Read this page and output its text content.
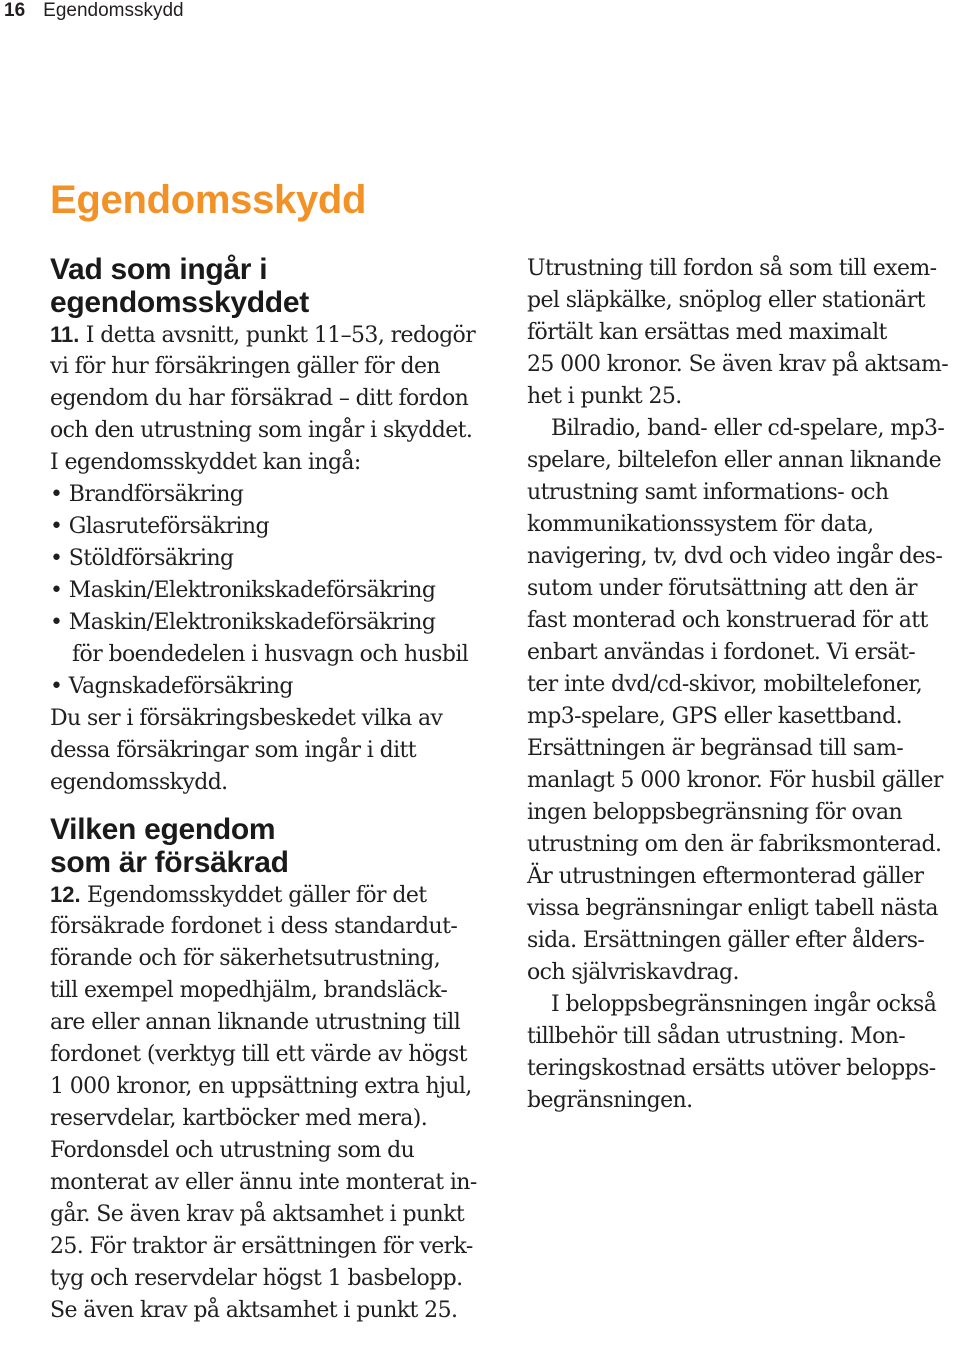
16 Egendomsskydd
Egendomsskydd
Vad som ingår i
egendomsskyddet
11. I detta avsnitt, punkt 11–53, redogör
vi för hur försäkringen gäller för den
egendom du har försäkrad – ditt fordon
och den utrustning som ingår i skyddet.
I egendomsskyddet kan ingå:
• Brandförsäkring
• Glasruteförsäkring
• Stöldförsäkring
• Maskin/Elektronikskadeförsäkring
• Maskin/Elektronikskadeförsäkring
för boendedelen i husvagn och husbil
• Vagnskadeförsäkring
Du ser i försäkringsbeskedet vilka av
dessa försäkringar som ingår i ditt
egendomsskydd.
Vilken egendom
som är försäkrad
12. Egendomsskyddet gäller för det
försäkrade fordonet i dess standardut-
förande och för säkerhetsutrustning,
till exempel mopedhjälm, brandsläck-
are eller annan liknande utrustning till
fordonet (verktyg till ett värde av högst
1 000 kronor, en uppsättning extra hjul,
reservdelar, kartböcker med mera).
Fordonsdel och utrustning som du
monterat av eller ännu inte monterat in-
går. Se även krav på aktsamhet i punkt
25. För traktor är ersättningen för verk-
tyg och reservdelar högst 1 basbelopp.
Se även krav på aktsamhet i punkt 25.
Utrustning till fordon så som till exem-
pel släpkälke, snöplog eller stationärt
förtält kan ersättas med maximalt
25 000 kronor. Se även krav på aktsam-
het i punkt 25.
Bilradio, band- eller cd-spelare, mp3-
spelare, biltelefon eller annan liknande
utrustning samt informations- och
kommunikationssystem för data,
navigering, tv, dvd och video ingår des-
sutom under förutsättning att den är
fast monterad och konstruerad för att
enbart användas i fordonet. Vi ersät-
ter inte dvd/cd-skivor, mobiltelefoner,
mp3-spelare, GPS eller kasettband.
Ersättningen är begränsad till sam-
manlagt 5 000 kronor. För husbil gäller
ingen beloppsbegränsning för ovan
utrustning om den är fabriksmonterad.
Är utrustningen eftermonterad gäller
vissa begränsningar enligt tabell nästa
sida. Ersättningen gäller efter ålders-
och självriskavdrag.
I beloppsbegränsningen ingår också
tillbehör till sådan utrustning. Mon-
teringskostnad ersätts utöver belopps-
begränsningen.
